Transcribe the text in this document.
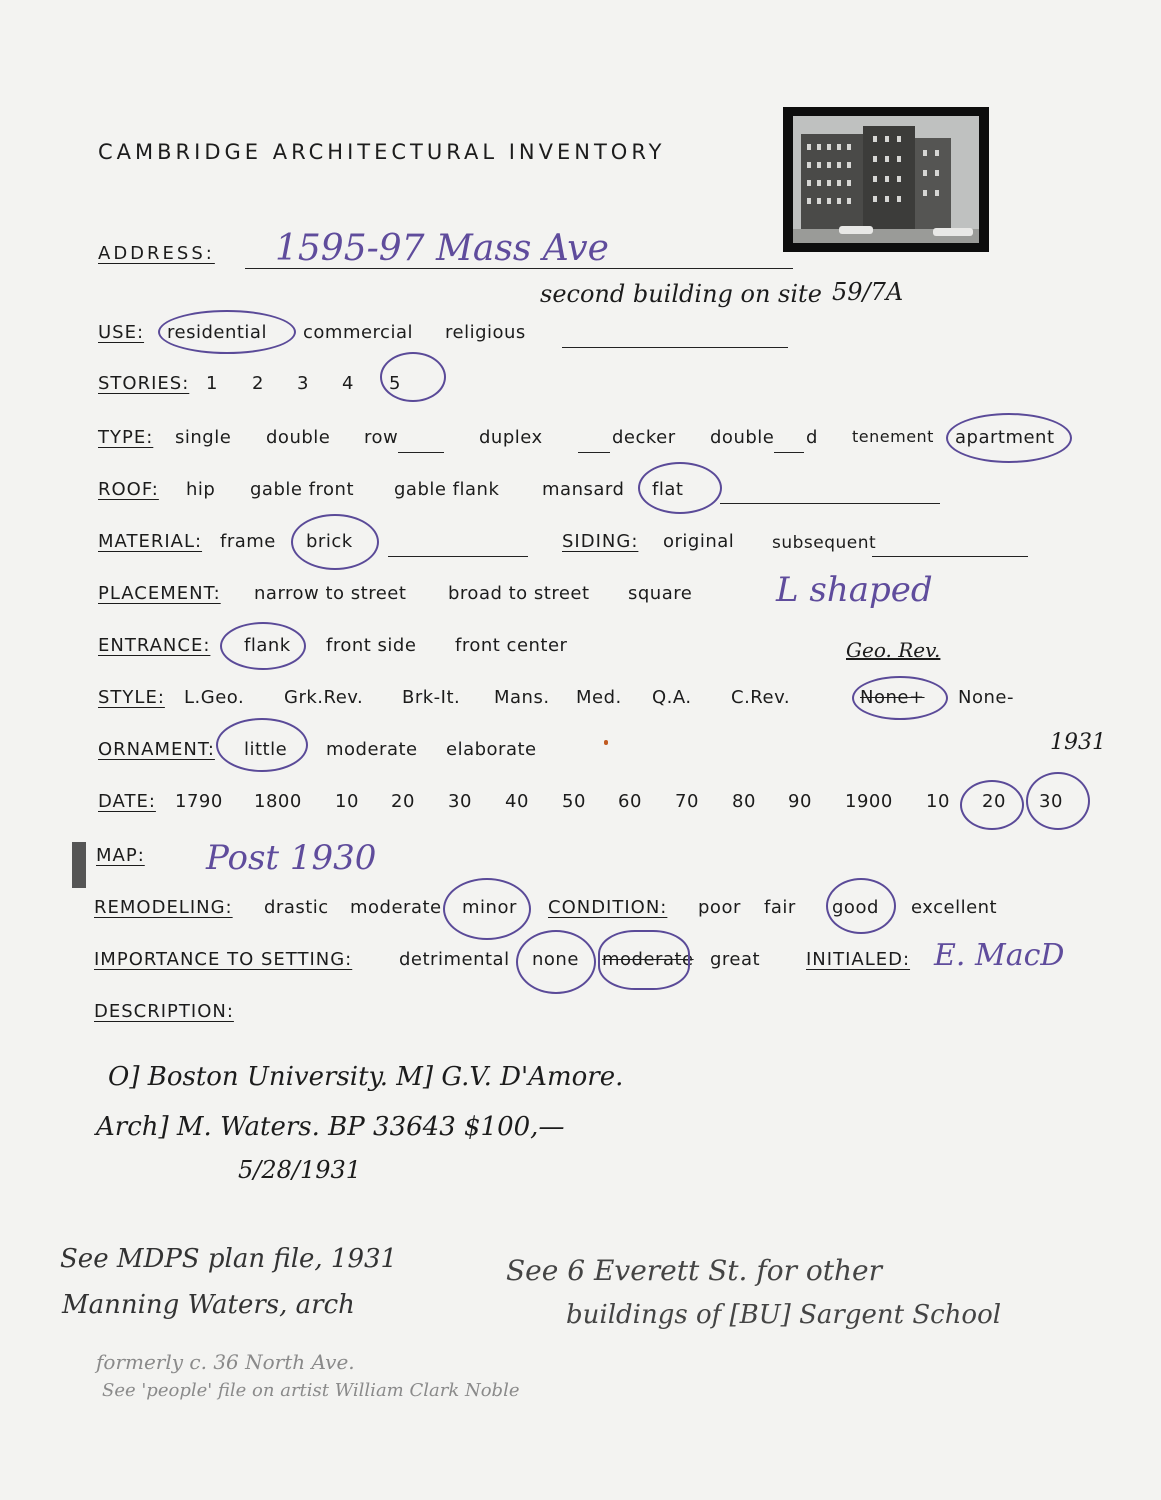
CAMBRIDGE ARCHITECTURAL INVENTORY
ADDRESS: 1595-97 Mass Ave
second building on site 59/7A
USE: residential commercial religious
STORIES: 1 2 3 4 5
TYPE: single double row	duplex	decker double d tenement apartment
ROOF: hip gable front gable flank mansard flat
MATERIAL: frame brick	SIDING: original subsequent
PLACEMENT: narrow to street broad to street square L shaped
ENTRANCE: flank front side front center	Geo. Rev.
STYLE: L.Geo. Grk.Rev. Brk-It. Mans. Med. Q.A. C.Rev.	None+ None-
ORNAMENT: little moderate elaborate
DATE: 1790 1800 10 20 30 40 50 60 70 80 90 1900 10 20 30
1931
MAP: Post 1930
REMODELING: drastic moderate minor CONDITION: poor fair good excellent
IMPORTANCE TO SETTING:	detrimental none moderate great	INITIALED: E. MacD
DESCRIPTION:
O] Boston University. M] G.V. D'Amore.
Arch] M. Waters. BP 33643 $100,—
5/28/1931
See MDPS plan file, 1931
Manning Waters, arch
See 6 Everett St. for other
buildings of [BU] Sargent School
formerly c. 36 North Ave.
See 'people' file on artist William Clark Noble
